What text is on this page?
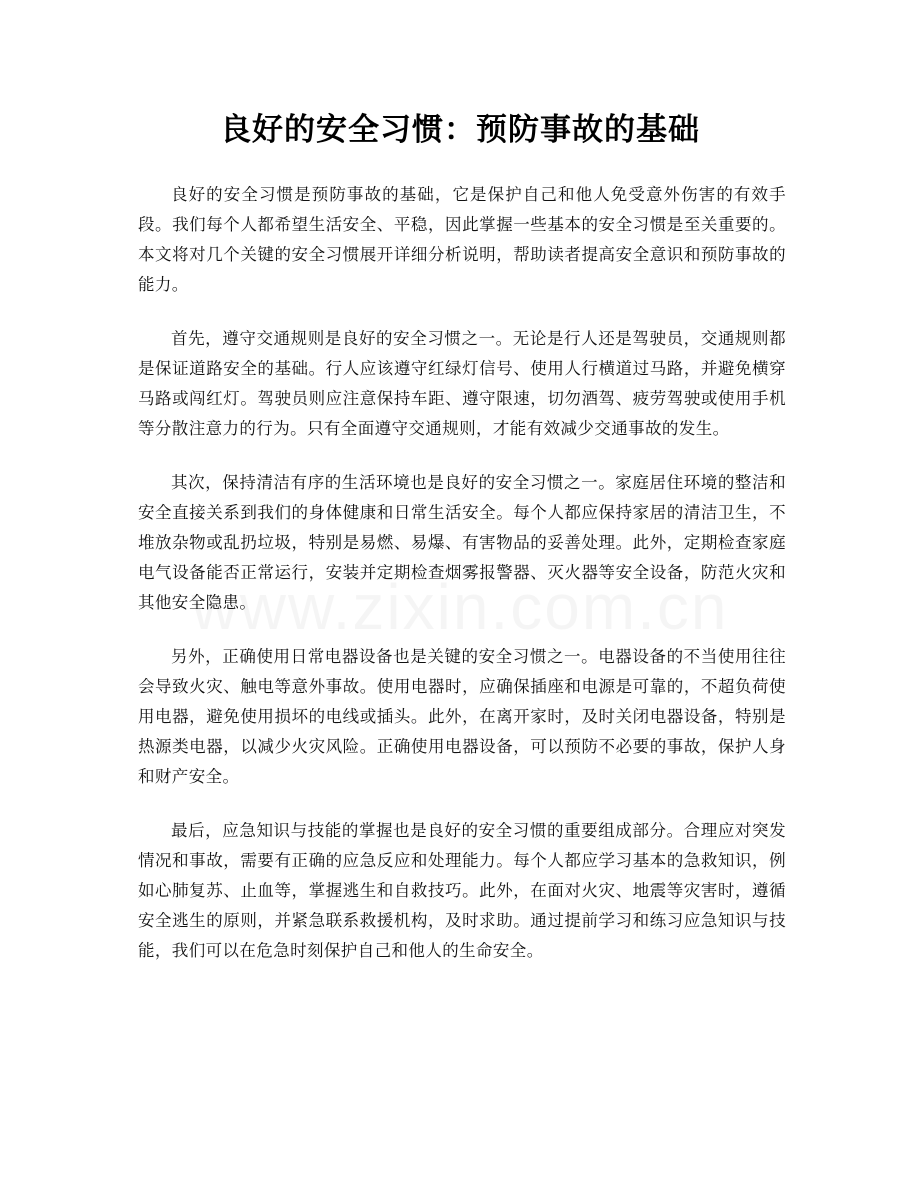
良好的安全习惯：预防事故的基础

良好的安全习惯是预防事故的基础，它是保护自己和他人免受意外伤害的有效手段。我们每个人都希望生活安全、平稳，因此掌握一些基本的安全习惯是至关重要的。本文将对几个关键的安全习惯展开详细分析说明，帮助读者提高安全意识和预防事故的能力。

首先，遵守交通规则是良好的安全习惯之一。无论是行人还是驾驶员，交通规则都是保证道路安全的基础。行人应该遵守红绿灯信号、使用人行横道过马路，并避免横穿马路或闯红灯。驾驶员则应注意保持车距、遵守限速，切勿酒驾、疲劳驾驶或使用手机等分散注意力的行为。只有全面遵守交通规则，才能有效减少交通事故的发生。

其次，保持清洁有序的生活环境也是良好的安全习惯之一。家庭居住环境的整洁和安全直接关系到我们的身体健康和日常生活安全。每个人都应保持家居的清洁卫生，不堆放杂物或乱扔垃圾，特别是易燃、易爆、有害物品的妥善处理。此外，定期检查家庭电气设备能否正常运行，安装并定期检查烟雾报警器、灭火器等安全设备，防范火灾和其他安全隐患。

另外，正确使用日常电器设备也是关键的安全习惯之一。电器设备的不当使用往往会导致火灾、触电等意外事故。使用电器时，应确保插座和电源是可靠的，不超负荷使用电器，避免使用损坏的电线或插头。此外，在离开家时，及时关闭电器设备，特别是热源类电器，以减少火灾风险。正确使用电器设备，可以预防不必要的事故，保护人身和财产安全。

最后，应急知识与技能的掌握也是良好的安全习惯的重要组成部分。合理应对突发情况和事故，需要有正确的应急反应和处理能力。每个人都应学习基本的急救知识，例如心肺复苏、止血等，掌握逃生和自救技巧。此外，在面对火灾、地震等灾害时，遵循安全逃生的原则，并紧急联系救援机构，及时求助。通过提前学习和练习应急知识与技能，我们可以在危急时刻保护自己和他人的生命安全。
